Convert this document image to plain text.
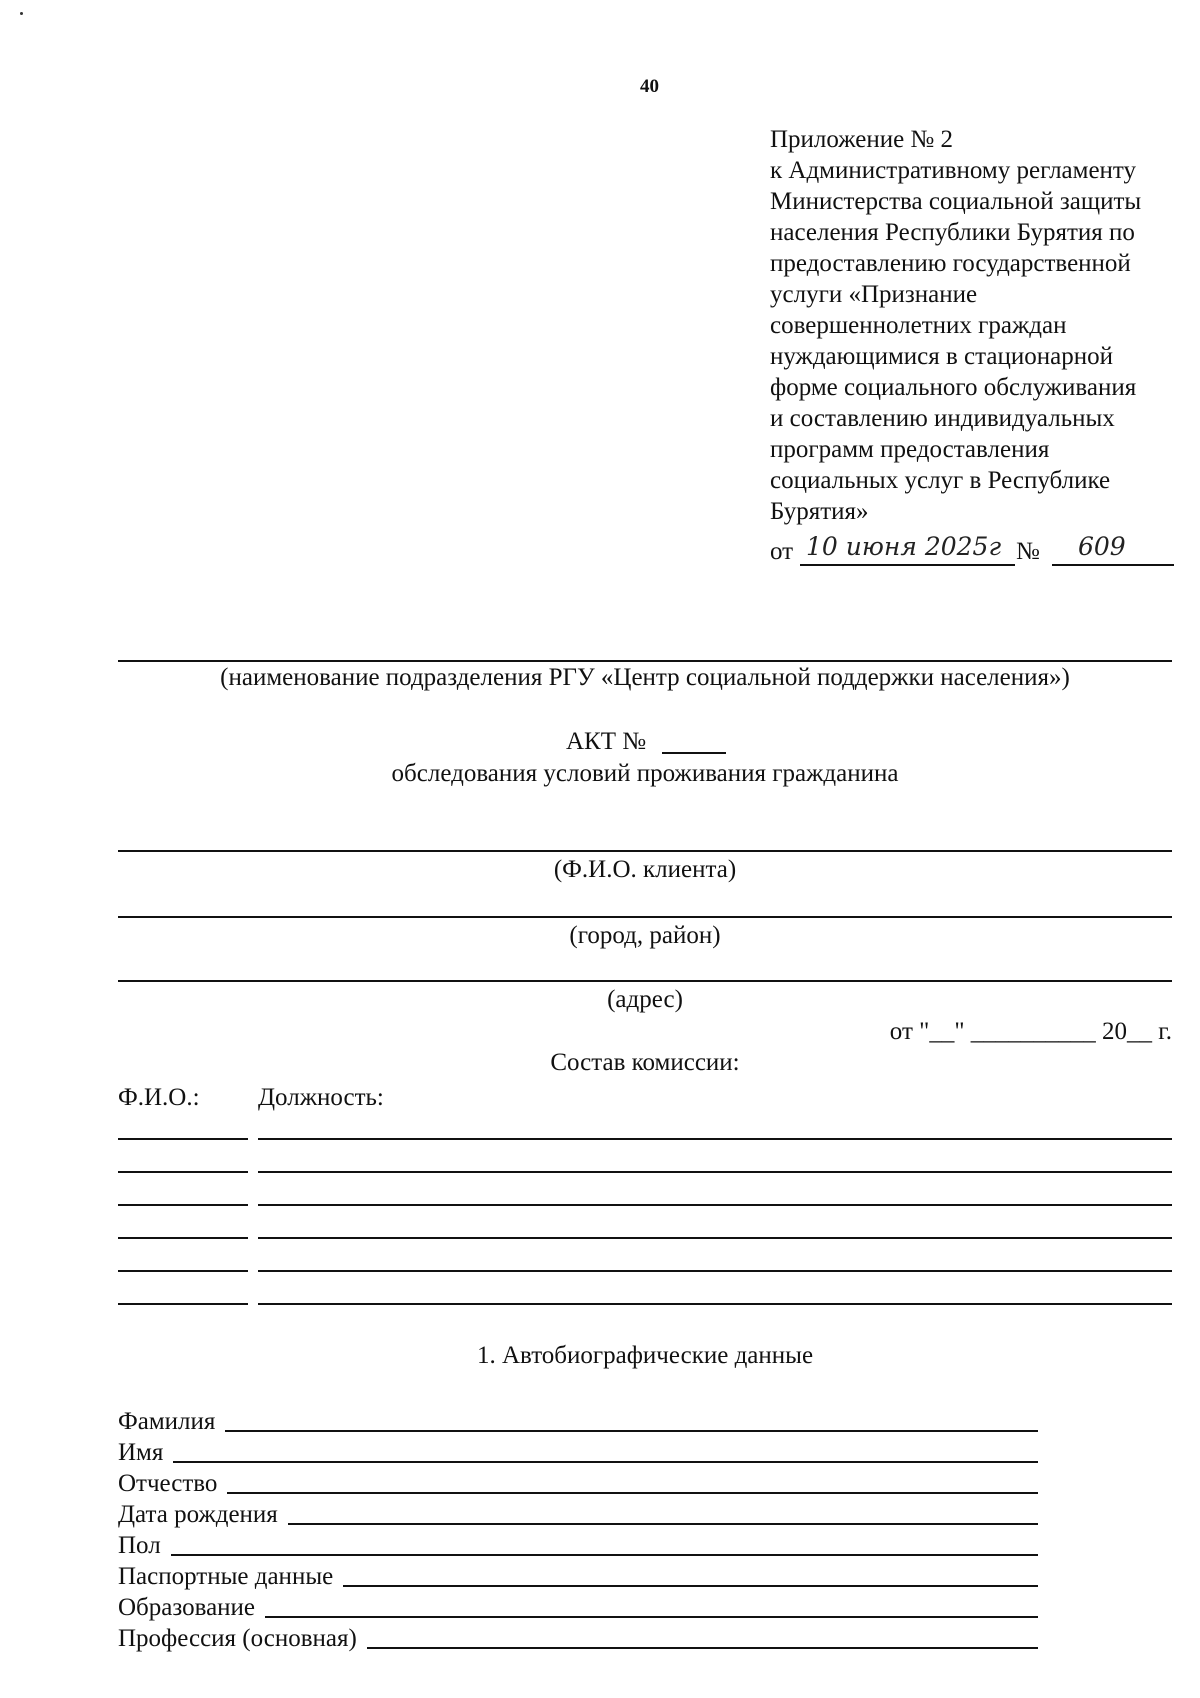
40
Приложение № 2
к Административному регламенту
Министерства социальной защиты
населения Республики Бурятия по
предоставлению государственной
услуги «Признание
совершеннолетних граждан
нуждающимися в стационарной
форме социального обслуживания
и составлению индивидуальных
программ предоставления
социальных услуг в Республике
Бурятия»
от 10 июня 2025г № 609
(наименование подразделения РГУ «Центр социальной поддержки населения»)
АКТ №
обследования условий проживания гражданина
(Ф.И.О. клиента)
(город, район)
(адрес)
от "__" __________ 20__ г.
Состав комиссии:
Ф.И.О.: Должность:
1. Автобиографические данные
Фамилия
Имя
Отчество
Дата рождения
Пол
Паспортные данные
Образование
Профессия (основная)
